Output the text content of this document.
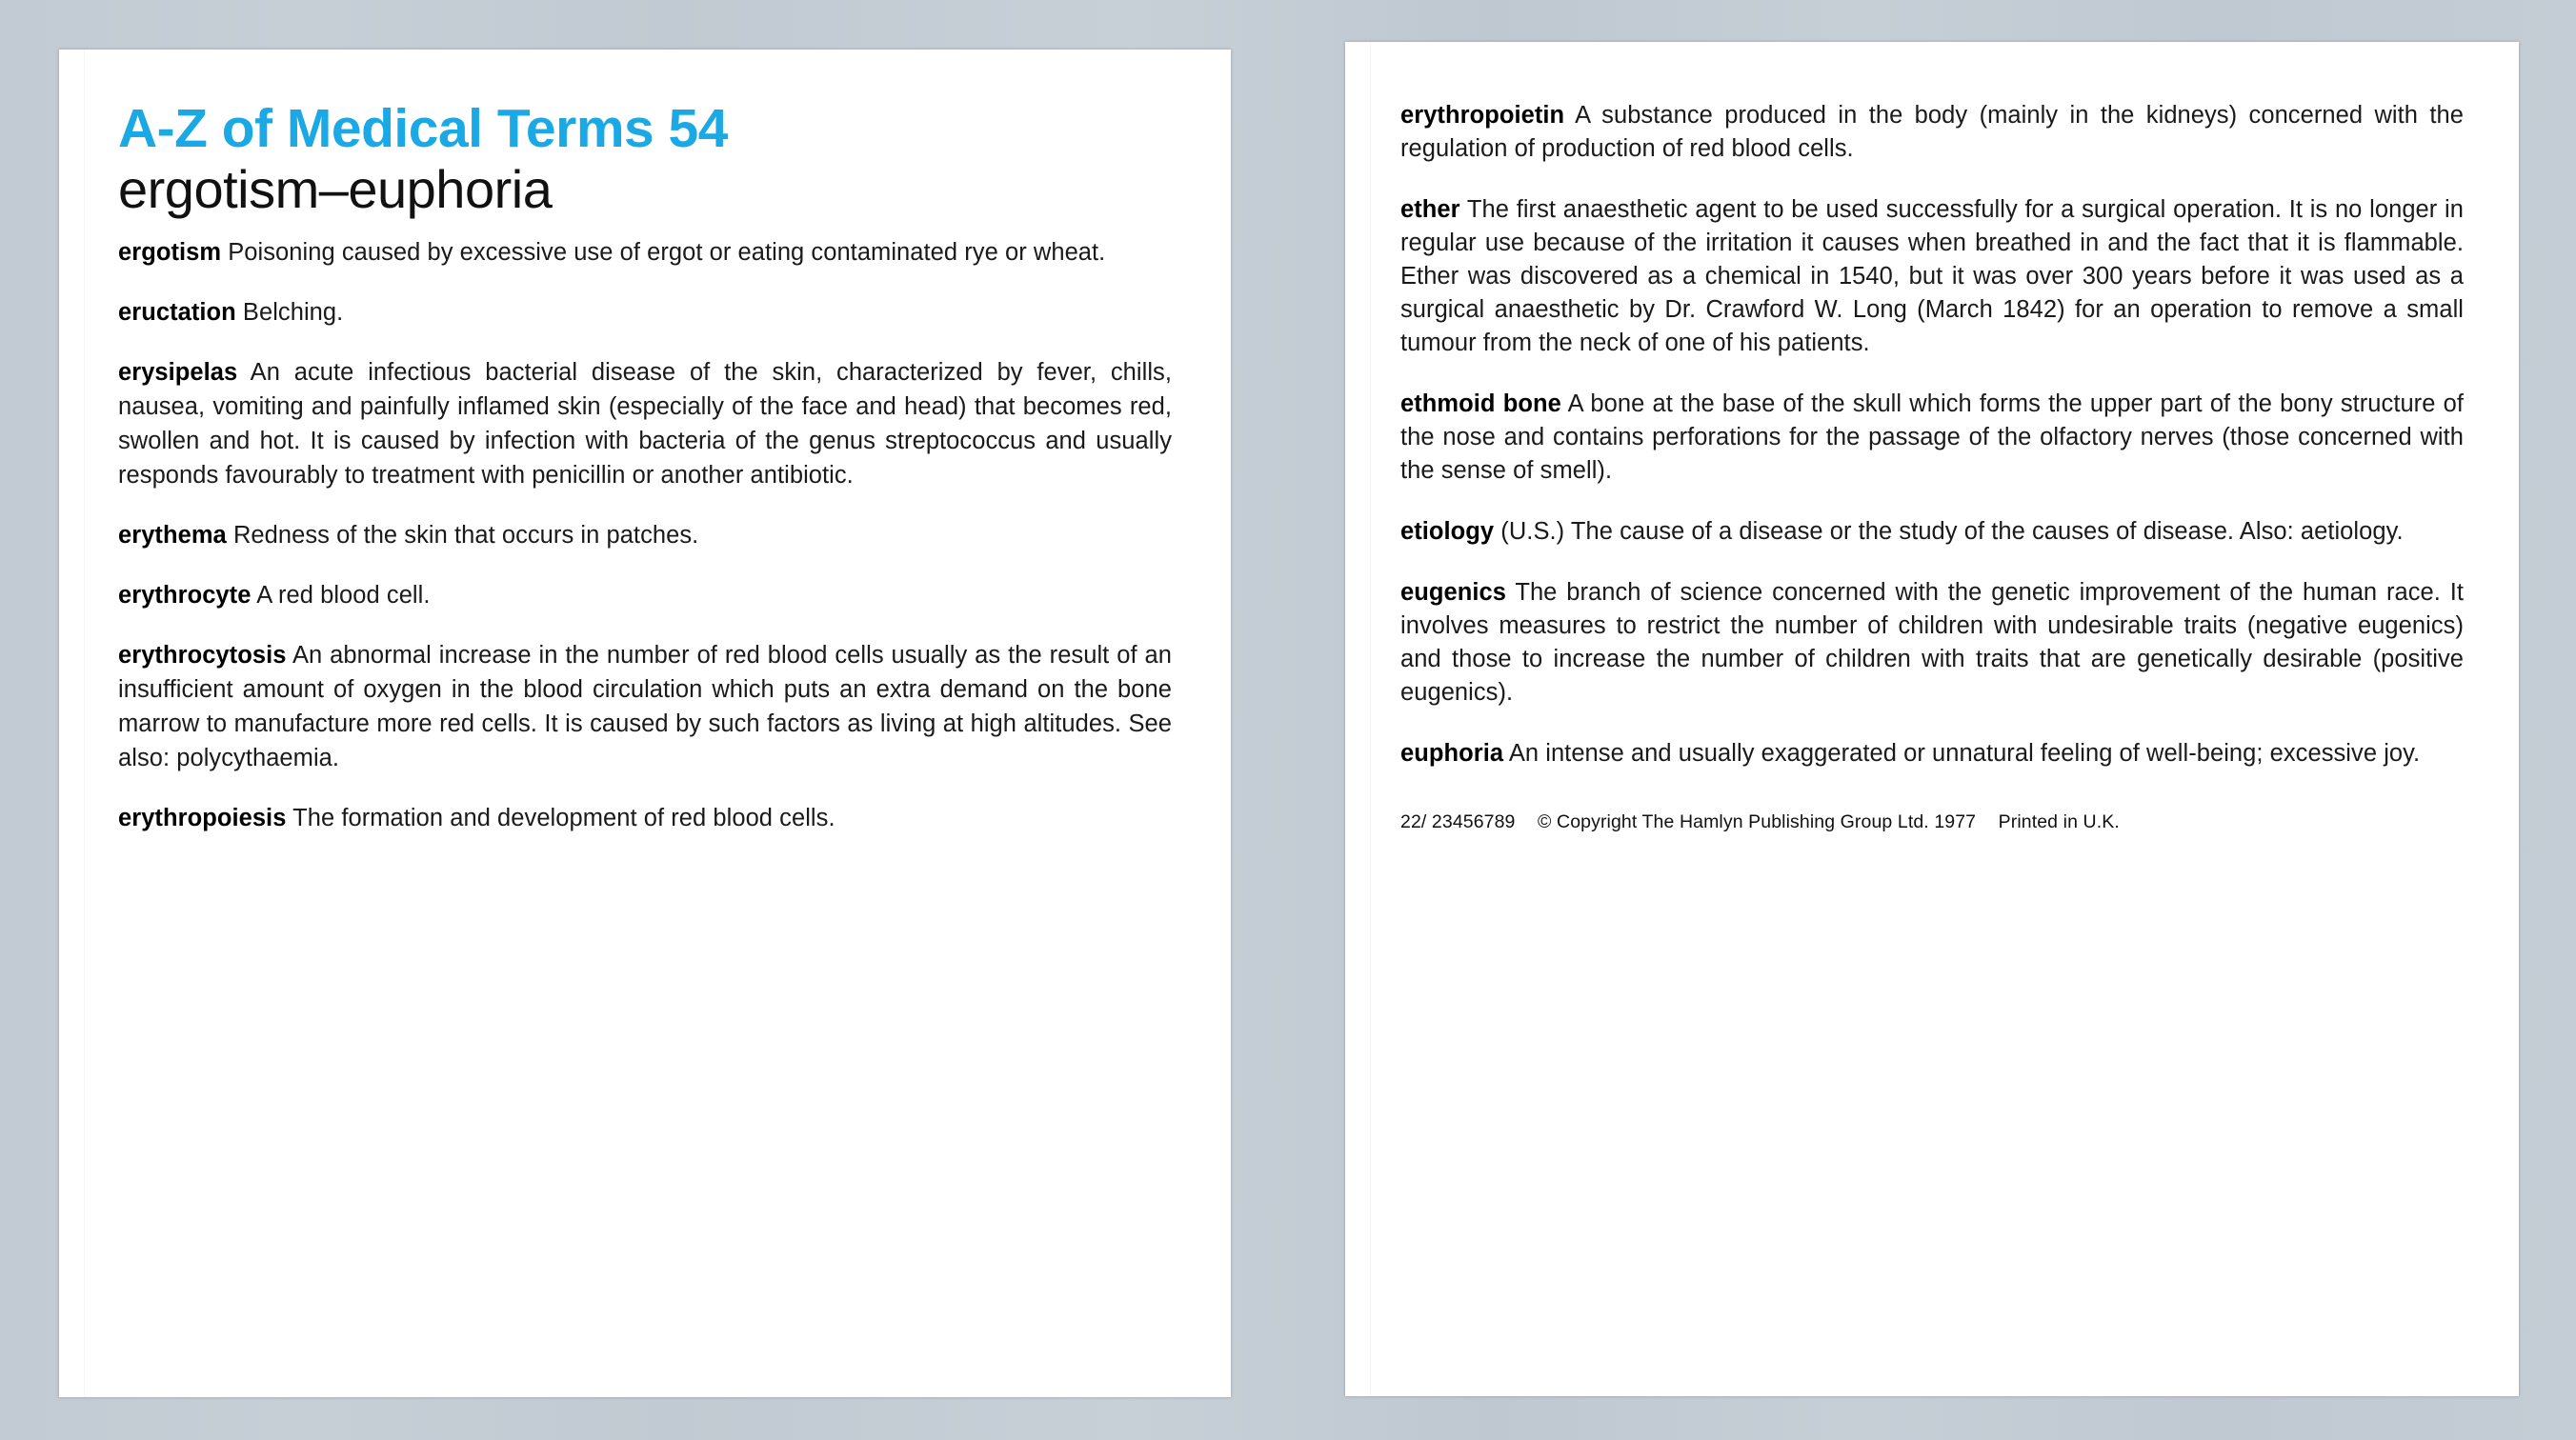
A-Z of Medical Terms 54
ergotism–euphoria

ergotism Poisoning caused by excessive use of ergot or eating contaminated rye or wheat.

eructation Belching.

erysipelas An acute infectious bacterial disease of the skin, characterized by fever, chills, nausea, vomiting and painfully inflamed skin (especially of the face and head) that becomes red, swollen and hot. It is caused by infection with bacteria of the genus streptococcus and usually responds favourably to treatment with penicillin or another antibiotic.

erythema Redness of the skin that occurs in patches.

erythrocyte A red blood cell.

erythrocytosis An abnormal increase in the number of red blood cells usually as the result of an insufficient amount of oxygen in the blood circulation which puts an extra demand on the bone marrow to manufacture more red cells. It is caused by such factors as living at high altitudes. See also: polycythaemia.

erythropoiesis The formation and development of red blood cells.

erythropoietin A substance produced in the body (mainly in the kidneys) concerned with the regulation of production of red blood cells.

ether The first anaesthetic agent to be used successfully for a surgical operation. It is no longer in regular use because of the irritation it causes when breathed in and the fact that it is flammable. Ether was discovered as a chemical in 1540, but it was over 300 years before it was used as a surgical anaesthetic by Dr. Crawford W. Long (March 1842) for an operation to remove a small tumour from the neck of one of his patients.

ethmoid bone A bone at the base of the skull which forms the upper part of the bony structure of the nose and contains perforations for the passage of the olfactory nerves (those concerned with the sense of smell).

etiology (U.S.) The cause of a disease or the study of the causes of disease. Also: aetiology.

eugenics The branch of science concerned with the genetic improvement of the human race. It involves measures to restrict the number of children with undesirable traits (negative eugenics) and those to increase the number of children with traits that are genetically desirable (positive eugenics).

euphoria An intense and usually exaggerated or unnatural feeling of well-being; excessive joy.

22/ 23456789 © Copyright The Hamlyn Publishing Group Ltd. 1977 Printed in U.K.
